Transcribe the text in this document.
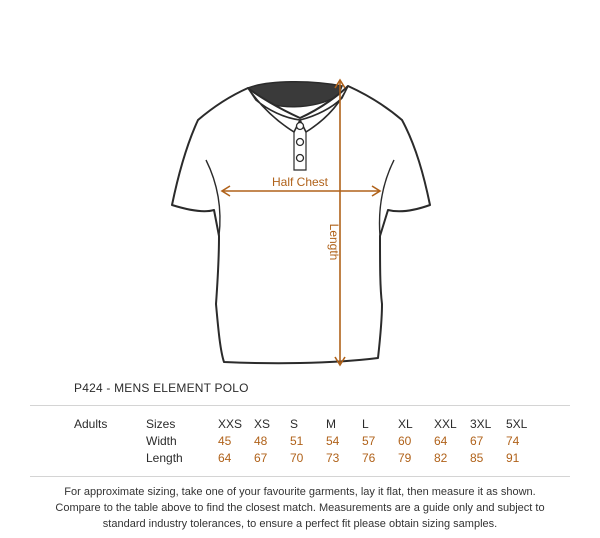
Half Chest
Length
P424 - MENS ELEMENT POLO
Adults	Sizes
Width
Length
XXS XS S M L XL XXL 3XL 5XL
45 48 51 54 57 60 64 67 74
64 67 70 73 76 79 82 85 91
For approximate sizing, take one of your favourite garments, lay it flat, then measure it as shown.
Compare to the table above to find the closest match. Measurements are a guide only and subject to
standard industry tolerances, to ensure a perfect fit please obtain sizing samples.
